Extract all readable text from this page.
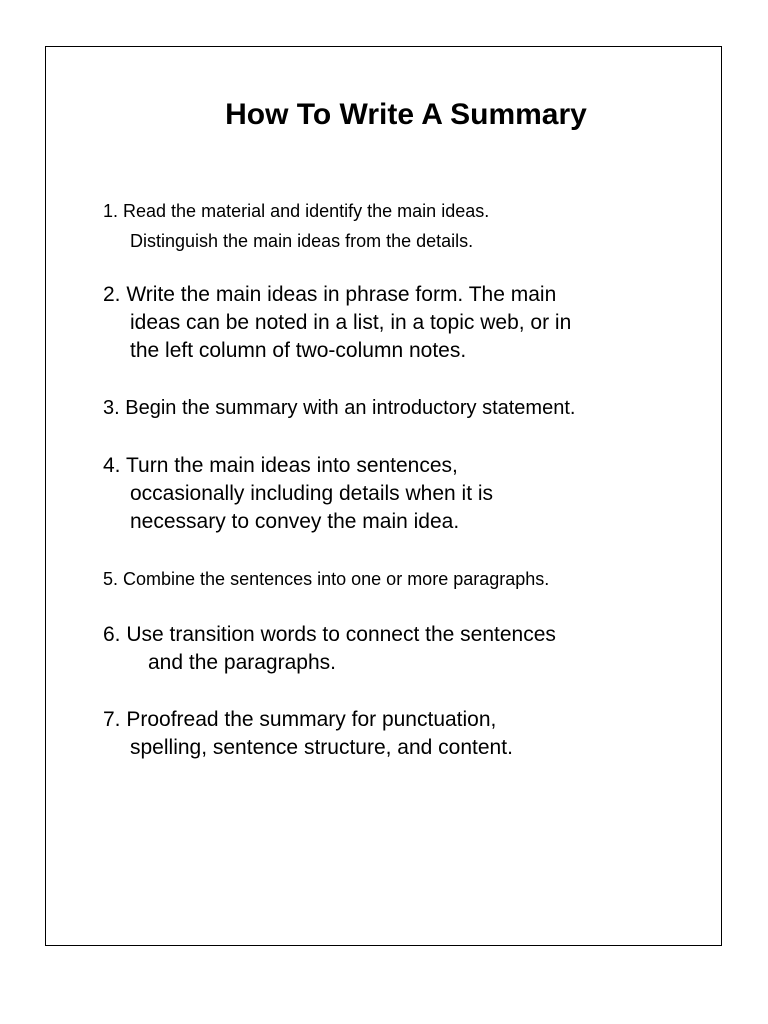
How To Write A Summary
1. Read the material and identify the main ideas.
Distinguish the main ideas from the details.
2. Write the main ideas in phrase form. The main
ideas can be noted in a list, in a topic web, or in
the left column of two-column notes.
3. Begin the summary with an introductory statement.
4. Turn the main ideas into sentences,
occasionally including details when it is
necessary to convey the main idea.
5. Combine the sentences into one or more paragraphs.
6. Use transition words to connect the sentences
and the paragraphs.
7. Proofread the summary for punctuation,
spelling, sentence structure, and content.
